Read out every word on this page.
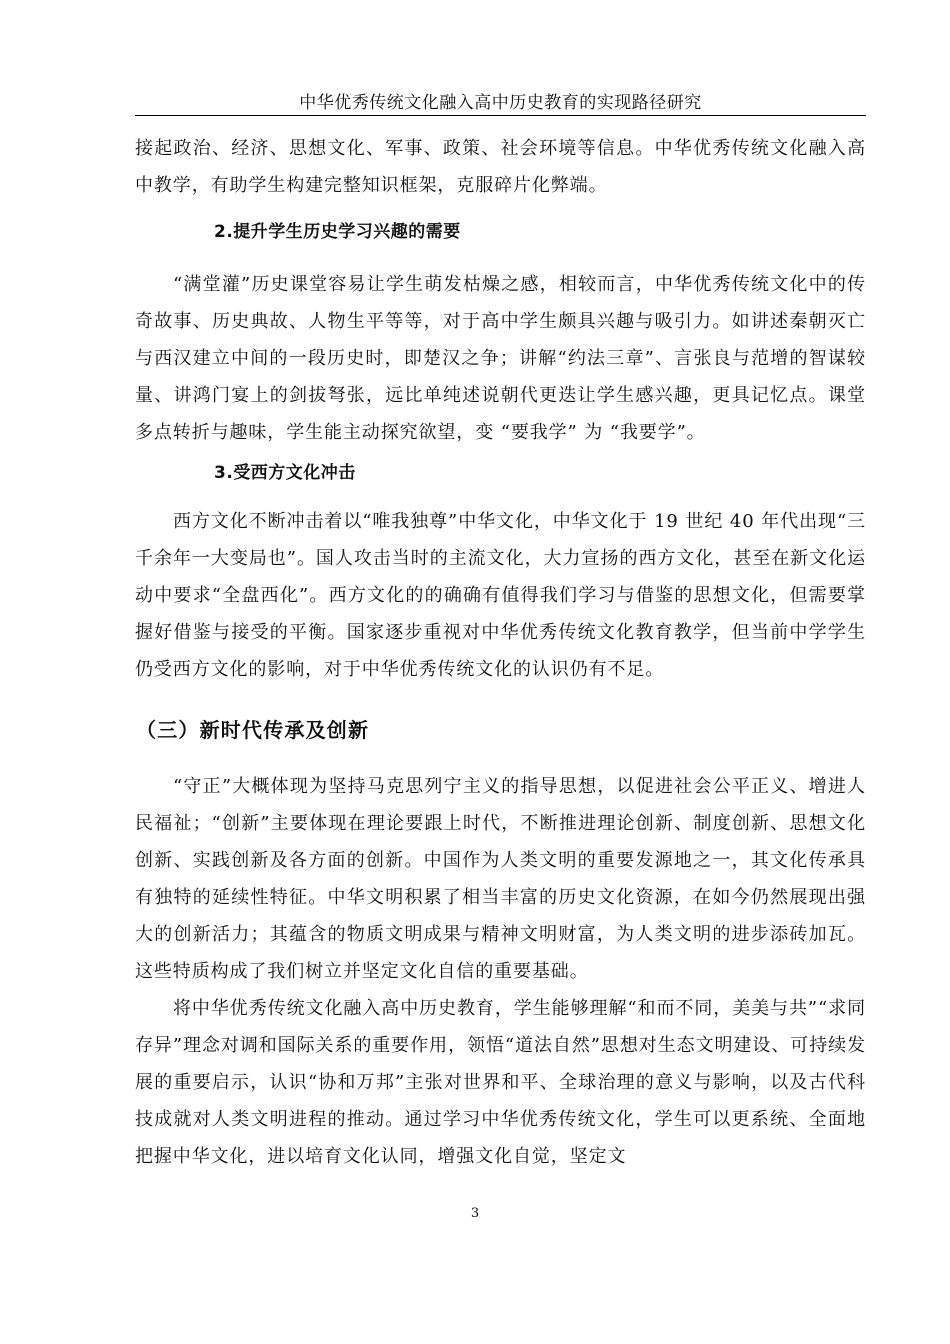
中华优秀传统文化融入高中历史教育的实现路径研究

接起政治、经济、思想文化、军事、政策、社会环境等信息。中华优秀传统文化融入高中教学，有助学生构建完整知识框架，克服碎片化弊端。

2.提升学生历史学习兴趣的需要

“满堂灌”历史课堂容易让学生萌发枯燥之感，相较而言，中华优秀传统文化中的传奇故事、历史典故、人物生平等等，对于高中学生颇具兴趣与吸引力。如讲述秦朝灭亡与西汉建立中间的一段历史时，即楚汉之争；讲解“约法三章”、言张良与范增的智谋较量、讲鸿门宴上的剑拔弩张，远比单纯述说朝代更迭让学生感兴趣，更具记忆点。课堂多点转折与趣味，学生能主动探究欲望，变 “要我学” 为 “我要学”。

3.受西方文化冲击

西方文化不断冲击着以“唯我独尊”中华文化，中华文化于 19 世纪 40 年代出现“三千余年一大变局也”。国人攻击当时的主流文化，大力宣扬的西方文化，甚至在新文化运动中要求“全盘西化”。西方文化的的确确有值得我们学习与借鉴的思想文化，但需要掌握好借鉴与接受的平衡。国家逐步重视对中华优秀传统文化教育教学，但当前中学学生仍受西方文化的影响，对于中华优秀传统文化的认识仍有不足。

（三）新时代传承及创新

“守正”大概体现为坚持马克思列宁主义的指导思想，以促进社会公平正义、增进人民福祉；“创新”主要体现在理论要跟上时代，不断推进理论创新、制度创新、思想文化创新、实践创新及各方面的创新。中国作为人类文明的重要发源地之一，其文化传承具有独特的延续性特征。中华文明积累了相当丰富的历史文化资源，在如今仍然展现出强大的创新活力；其蕴含的物质文明成果与精神文明财富，为人类文明的进步添砖加瓦。这些特质构成了我们树立并坚定文化自信的重要基础。

将中华优秀传统文化融入高中历史教育，学生能够理解“和而不同，美美与共”“求同存异”理念对调和国际关系的重要作用，领悟“道法自然”思想对生态文明建设、可持续发展的重要启示，认识“协和万邦”主张对世界和平、全球治理的意义与影响，以及古代科技成就对人类文明进程的推动。通过学习中华优秀传统文化，学生可以更系统、全面地把握中华文化，进以培育文化认同，增强文化自觉，坚定文

3
